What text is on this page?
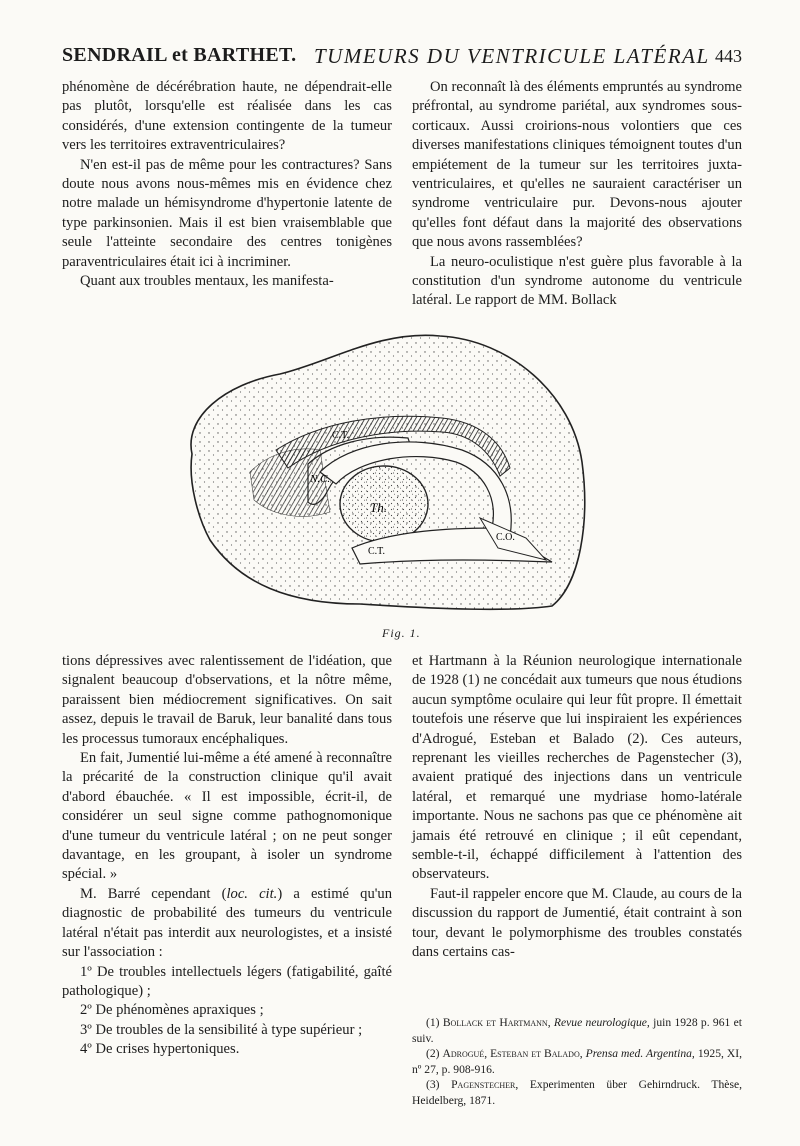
SENDRAIL et BARTHET. TUMEURS DU VENTRICULE LATÉRAL 443

phénomène de décérébration haute, ne dépendrait-elle pas plutôt, lorsqu'elle est réalisée dans les cas considérés, d'une extension contingente de la tumeur vers les territoires extraventriculaires?

N'en est-il pas de même pour les contractures? Sans doute nous avons nous-mêmes mis en évidence chez notre malade un hémisyndrome d'hypertonie latente de type parkinsonien. Mais il est bien vraisemblable que seule l'atteinte secondaire des centres tonigènes paraventriculaires était ici à incriminer.

Quant aux troubles mentaux, les manifesta-

On reconnaît là des éléments empruntés au syndrome préfrontal, au syndrome pariétal, aux syndromes sous-corticaux. Aussi croirions-nous volontiers que ces diverses manifestations cliniques témoignent toutes d'un empiétement de la tumeur sur les territoires juxta-ventriculaires, et qu'elles ne sauraient caractériser un syndrome ventriculaire pur. Devons-nous ajouter qu'elles font défaut dans la majorité des observations que nous avons rassemblées?

La neuro-oculistique n'est guère plus favorable à la constitution d'un syndrome autonome du ventricule latéral. Le rapport de MM. Bollack

C.T.
N.C.
Th.
C.T.
C.O.
Fig. 1.

tions dépressives avec ralentissement de l'idéation, que signalent beaucoup d'observations, et la nôtre même, paraissent bien médiocrement significatives. On sait assez, depuis le travail de Baruk, leur banalité dans tous les processus tumoraux encéphaliques.

En fait, Jumentié lui-même a été amené à reconnaître la précarité de la construction clinique qu'il avait d'abord ébauchée. « Il est impossible, écrit-il, de considérer un seul signe comme pathognomonique d'une tumeur du ventricule latéral ; on ne peut songer davantage, en les groupant, à isoler un syndrome spécial. »

M. Barré cependant (loc. cit.) a estimé qu'un diagnostic de probabilité des tumeurs du ventricule latéral n'était pas interdit aux neurologistes, et a insisté sur l'association :

1º De troubles intellectuels légers (fatigabilité, gaîté pathologique) ;

2º De phénomènes apraxiques ;

3º De troubles de la sensibilité à type supérieur ;

4º De crises hypertoniques.

et Hartmann à la Réunion neurologique internationale de 1928 (1) ne concédait aux tumeurs que nous étudions aucun symptôme oculaire qui leur fût propre. Il émettait toutefois une réserve que lui inspiraient les expériences d'Adrogué, Esteban et Balado (2). Ces auteurs, reprenant les vieilles recherches de Pagenstecher (3), avaient pratiqué des injections dans un ventricule latéral, et remarqué une mydriase homo-latérale importante. Nous ne sachons pas que ce phénomène ait jamais été retrouvé en clinique ; il eût cependant, semble-t-il, échappé difficilement à l'attention des observateurs.

Faut-il rappeler encore que M. Claude, au cours de la discussion du rapport de Jumentié, était contraint à son tour, devant le polymorphisme des troubles constatés dans certains cas-

(1) Bollack et Hartmann, Revue neurologique, juin 1928 p. 961 et suiv.

(2) Adrogué, Esteban et Balado, Prensa med. Argentina, 1925, XI, nº 27, p. 908-916.

(3) Pagenstecher, Experimenten über Gehirndruck. Thèse, Heidelberg, 1871.
